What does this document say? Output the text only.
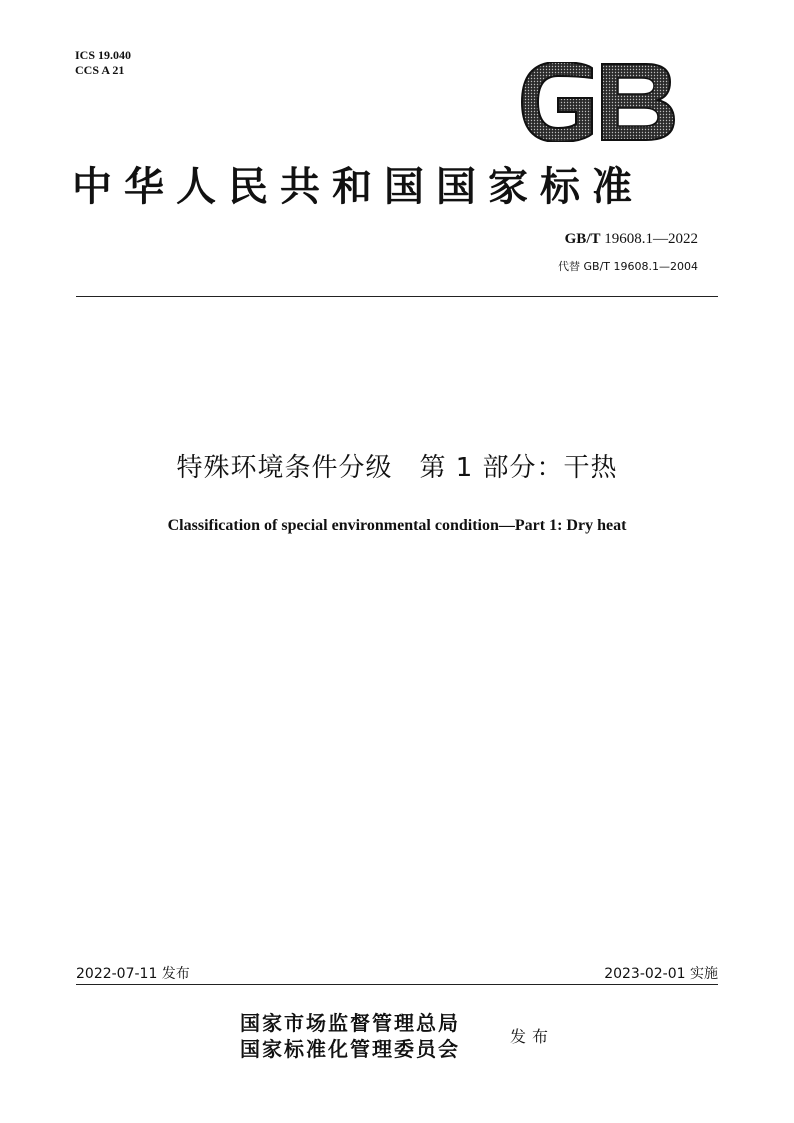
ICS 19.040
CCS A 21
中华人民共和国国家标准
GB/T 19608.1—2022
代替 GB/T 19608.1—2004
特殊环境条件分级　第 1 部分：干热
Classification of special environmental condition—Part 1: Dry heat
2022-07-11 发布	2023-02-01 实施
国家市场监督管理总局
国家标准化管理委员会
发布
